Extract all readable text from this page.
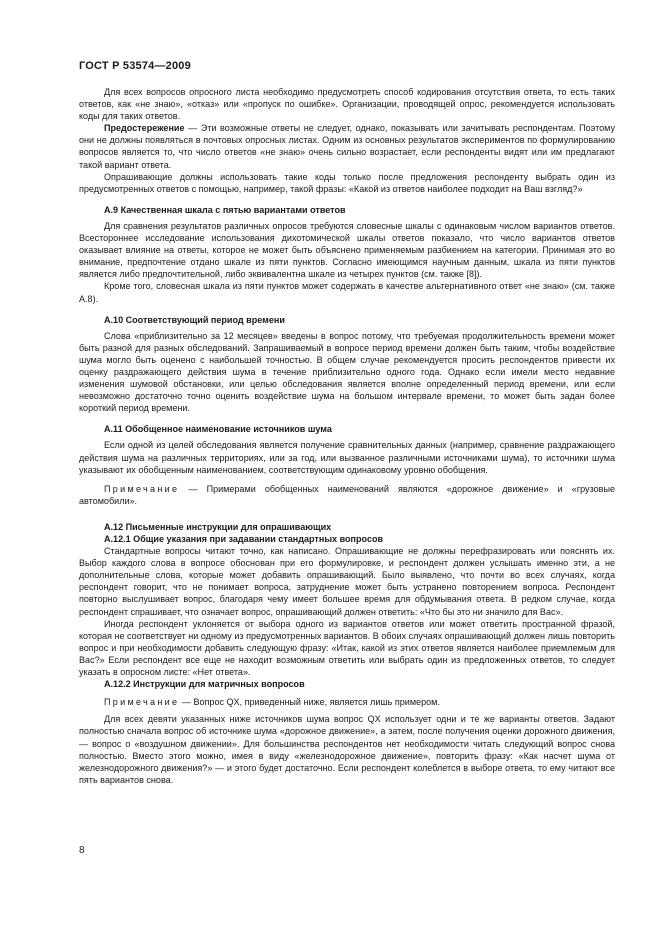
ГОСТ Р 53574—2009

Для всех вопросов опросного листа необходимо предусмотреть способ кодирования отсутствия ответа, то есть таких ответов, как «не знаю», «отказ» или «пропуск по ошибке». Организации, проводящей опрос, рекомендуется использовать коды для таких ответов.

Предостережение — Эти возможные ответы не следует, однако, показывать или зачитывать респондентам. Поэтому они не должны появляться в почтовых опросных листах. Одним из основных результатов экспериментов по формулированию вопросов является то, что число ответов «не знаю» очень сильно возрастает, если респонденты видят или им предлагают такой вариант ответа.

Опрашивающие должны использовать такие коды только после предложения респонденту выбрать один из предусмотренных ответов с помощью, например, такой фразы: «Какой из ответов наиболее подходит на Ваш взгляд?»

А.9 Качественная шкала с пятью вариантами ответов

Для сравнения результатов различных опросов требуются словесные шкалы с одинаковым числом вариантов ответов. Всестороннее исследование использования дихотомической шкалы ответов показало, что число вариантов ответов оказывает влияние на ответы, которое не может быть объяснено применяемым разбиением на категории. Принимая это во внимание, предпочтение отдано шкале из пяти пунктов. Согласно имеющимся научным данным, шкала из пяти пунктов является либо предпочтительной, либо эквивалентна шкале из четырех пунктов (см. также [8]).

Кроме того, словесная шкала из пяти пунктов может содержать в качестве альтернативного ответ «не знаю» (см. также А.8).

А.10 Соответствующий период времени

Слова «приблизительно за 12 месяцев» введены в вопрос потому, что требуемая продолжительность времени может быть разной для разных обследований. Запрашиваемый в вопросе период времени должен быть таким, чтобы воздействие шума могло быть оценено с наибольшей точностью. В общем случае рекомендуется просить респондентов привести их оценку раздражающего действия шума в течение приблизительно одного года. Однако если имели место недавние изменения шумовой обстановки, или целью обследования является вполне определенный период времени, или если невозможно достаточно точно оценить воздействие шума на большом интервале времени, то может быть задан более короткий период времени.

А.11 Обобщенное наименование источников шума

Если одной из целей обследования является получение сравнительных данных (например, сравнение раздражающего действия шума на различных территориях, или за год, или вызванное различными источниками шума), то источники шума указывают их обобщенным наименованием, соответствующим одинаковому уровню обобщения.

Примечание — Примерами обобщенных наименований являются «дорожное движение» и «грузовые автомобили».

А.12 Письменные инструкции для опрашивающих
А.12.1 Общие указания при задавании стандартных вопросов

Стандартные вопросы читают точно, как написано. Опрашивающие не должны перефразировать или пояснять их. Выбор каждого слова в вопросе обоснован при его формулировке, и респондент должен услышать именно эти, а не дополнительные слова, которые может добавить опрашивающий. Было выявлено, что почти во всех случаях, когда респондент говорит, что не понимает вопроса, затруднение может быть устранено повторением вопроса. Респондент повторно выслушивает вопрос, благодаря чему имеет большее время для обдумывания ответа. В редком случае, когда респондент спрашивает, что означает вопрос, опрашивающий должен ответить: «Что бы это ни значило для Вас».

Иногда респондент уклоняется от выбора одного из вариантов ответов или может ответить пространной фразой, которая не соответствует ни одному из предусмотренных вариантов. В обоих случаях опрашивающий должен лишь повторить вопрос и при необходимости добавить следующую фразу: «Итак, какой из этих ответов является наиболее приемлемым для Вас?» Если респондент все еще не находит возможным ответить или выбрать один из предложенных ответов, то следует указать в опросном листе: «Нет ответа».

А.12.2 Инструкции для матричных вопросов

Примечание — Вопрос QX, приведенный ниже, является лишь примером.

Для всех девяти указанных ниже источников шума вопрос QX использует одни и те же варианты ответов. Задают полностью сначала вопрос об источнике шума «дорожное движение», а затем, после получения оценки дорожного движения, — вопрос о «воздушном движении». Для большинства респондентов нет необходимости читать следующий вопрос снова полностью. Вместо этого можно, имея в виду «железнодорожное движение», повторить фразу: «Как насчет шума от железнодорожного движения?» — и этого будет достаточно. Если респондент колеблется в выборе ответа, то ему читают все пять вариантов снова.

8
